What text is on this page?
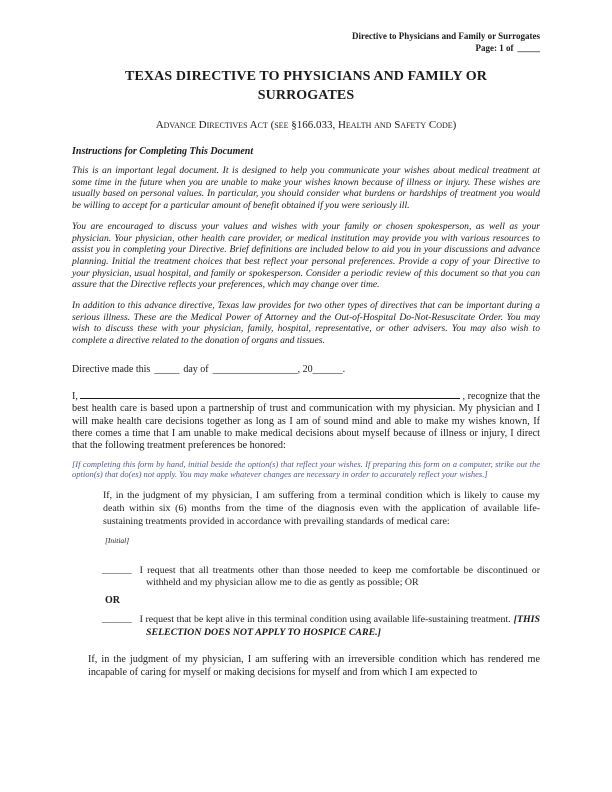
Directive to Physicians and Family or Surrogates
Page: 1 of _____
TEXAS DIRECTIVE TO PHYSICIANS AND FAMILY OR SURROGATES
Advance Directives Act (see §166.033, Health and Safety Code)
Instructions for Completing This Document
This is an important legal document. It is designed to help you communicate your wishes about medical treatment at some time in the future when you are unable to make your wishes known because of illness or injury. These wishes are usually based on personal values. In particular, you should consider what burdens or hardships of treatment you would be willing to accept for a particular amount of benefit obtained if you were seriously ill.
You are encouraged to discuss your values and wishes with your family or chosen spokesperson, as well as your physician. Your physician, other health care provider, or medical institution may provide you with various resources to assist you in completing your Directive. Brief definitions are included below to aid you in your discussions and advance planning. Initial the treatment choices that best reflect your personal preferences. Provide a copy of your Directive to your physician, usual hospital, and family or spokesperson. Consider a periodic review of this document so that you can assure that the Directive reflects your preferences, which may change over time.
In addition to this advance directive, Texas law provides for two other types of directives that can be important during a serious illness. These are the Medical Power of Attorney and the Out-of-Hospital Do-Not-Resuscitate Order. You may wish to discuss these with your physician, family, hospital, representative, or other advisers. You may also wish to complete a directive related to the donation of organs and tissues.
Directive made this _____ day of _________________, 20______.
I,	, recognize that the
best health care is based upon a partnership of trust and communication with my physician. My physician and I will make health care decisions together as long as I am of sound mind and able to make my wishes known, If there comes a time that I am unable to make medical decisions about myself because of illness or injury, I direct that the following treatment preferences be honored:
[If completing this form by hand, initial beside the option(s) that reflect your wishes. If preparing this form on a computer, strike out the option(s) that do(es) not apply. You may make whatever changes are necessary in order to accurately reflect your wishes.]
If, in the judgment of my physician, I am suffering from a terminal condition which is likely to cause my death within six (6) months from the time of the diagnosis even with the application of available life-sustaining treatments provided in accordance with prevailing standards of medical care:
[Initial]
______ I request that all treatments other than those needed to keep me comfortable be discontinued or withheld and my physician allow me to die as gently as possible; OR
OR
______ I request that be kept alive in this terminal condition using available life-sustaining treatment. [THIS SELECTION DOES NOT APPLY TO HOSPICE CARE.]
If, in the judgment of my physician, I am suffering with an irreversible condition which has rendered me incapable of caring for myself or making decisions for myself and from which I am expected to
